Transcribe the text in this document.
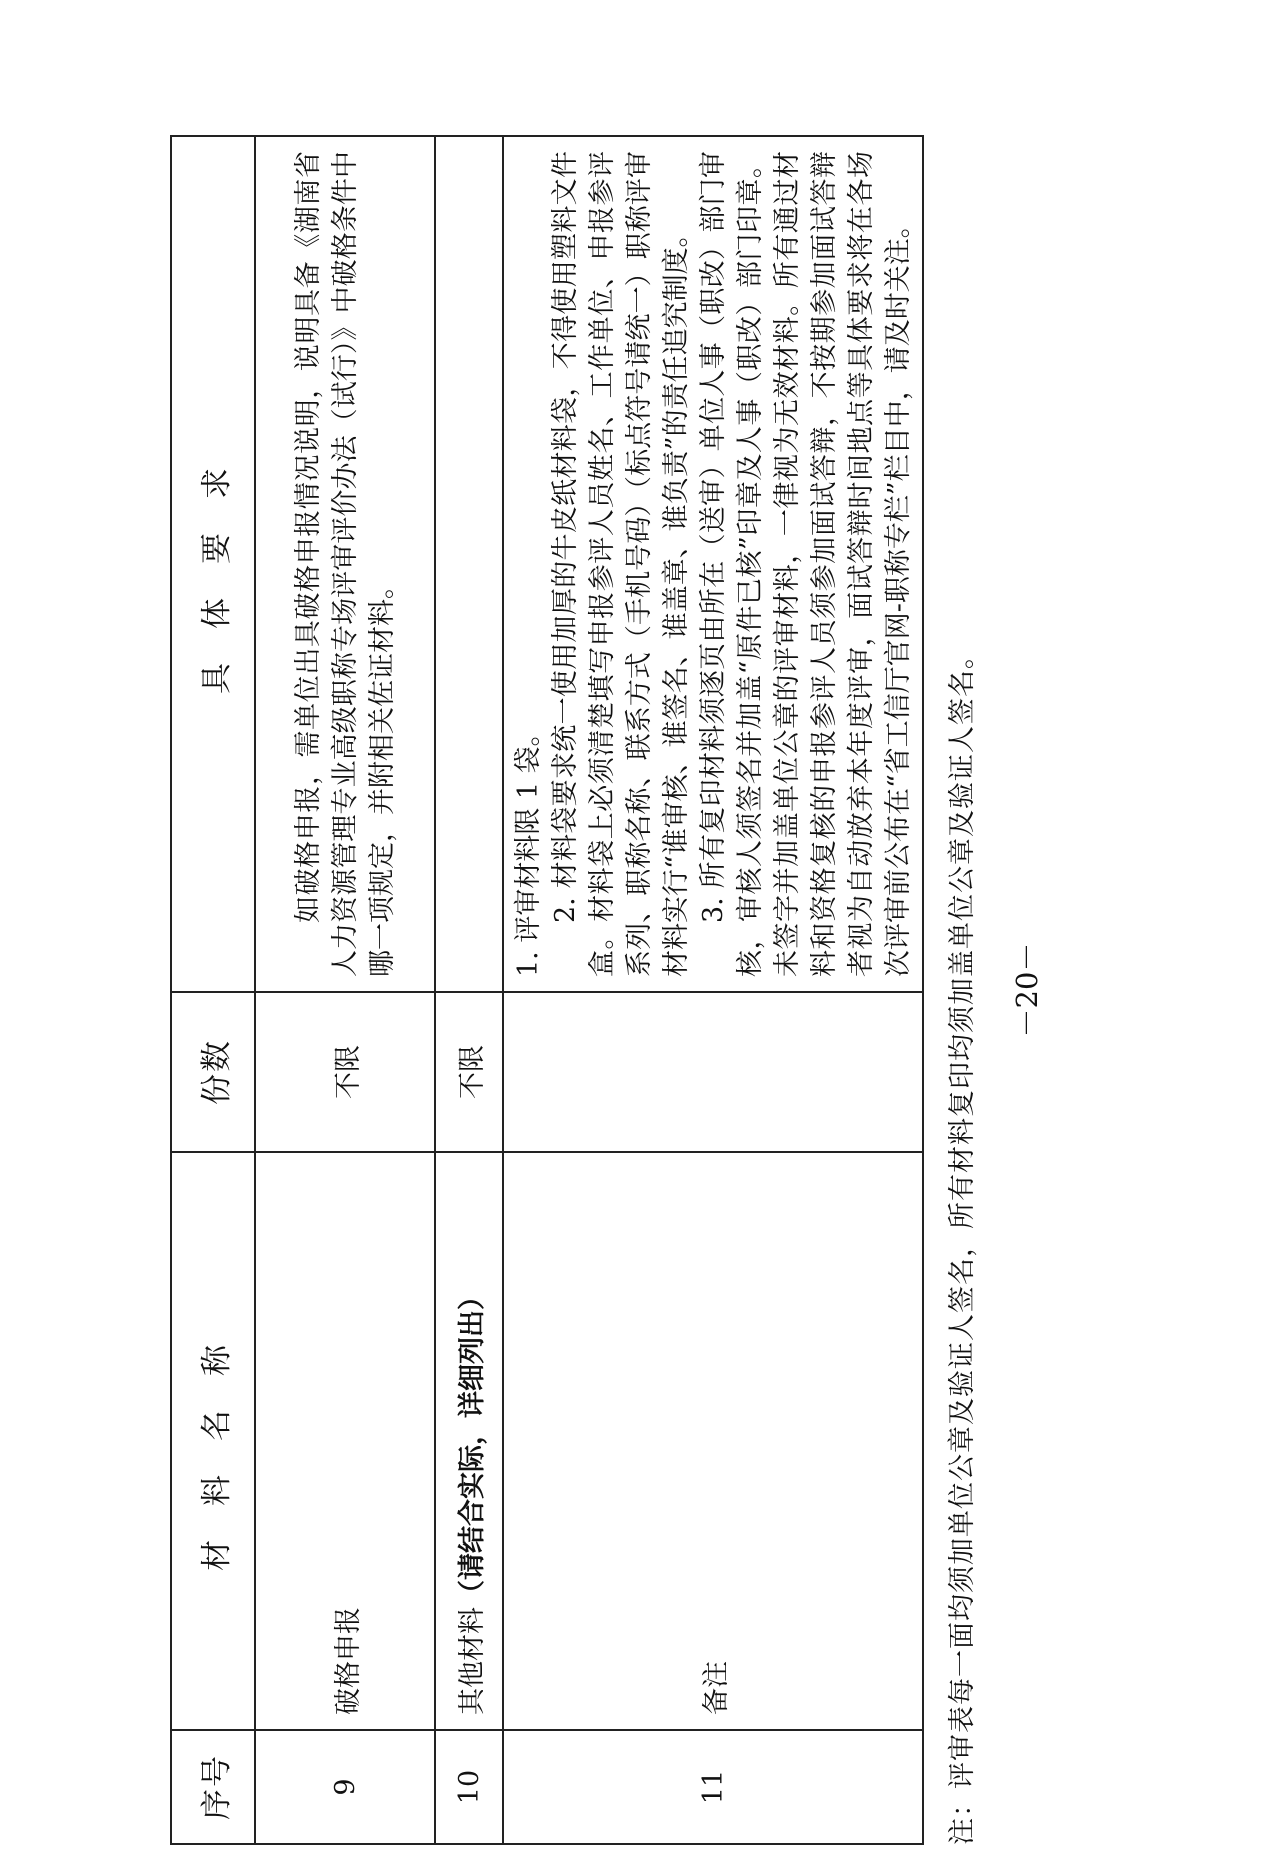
序号	材料名称	份数	具体要求
9	破格申报	不限	如破格申报，需单位出具破格申报情况说明，说明具备《湖南省人力资源管理专业高级职称专场评审评价办法（试行）》中破格条件中哪一项规定，并附相关佐证材料。

10	其他材料（请结合实际，详细列出）	不限	
11	备注		1. 评审材料限 1 袋。 2. 材料袋要求统一使用加厚的牛皮纸材料袋，不得使用塑料文件盒。材料袋上必须清楚填写申报参评人员姓名、工作单位、申报参评系列、职称名称、联系方式（手机号码）（标点符号请统一）职称评审材料实行“谁审核、谁签名、谁盖章、谁负责”的责任追究制度。 3. 所有复印材料须逐页由所在（送审）单位人事（职改）部门审核，审核人须签名并加盖“原件已核”印章及人事（职改）部门印章。未签字并加盖单位公章的评审材料，一律视为无效材料。所有通过材料和资格复核的申报参评人员须参加面试答辩，不按期参加面试答辩者视为自动放弃本年度评审，面试答辩时间地点等具体要求将在各场次评审前公布在“省工信厅官网-职称专栏”栏目中，请及时关注。

注：评审表每一面均须加单位公章及验证人签名，所有材料复印均须加盖单位公章及验证人签名。 －20－
